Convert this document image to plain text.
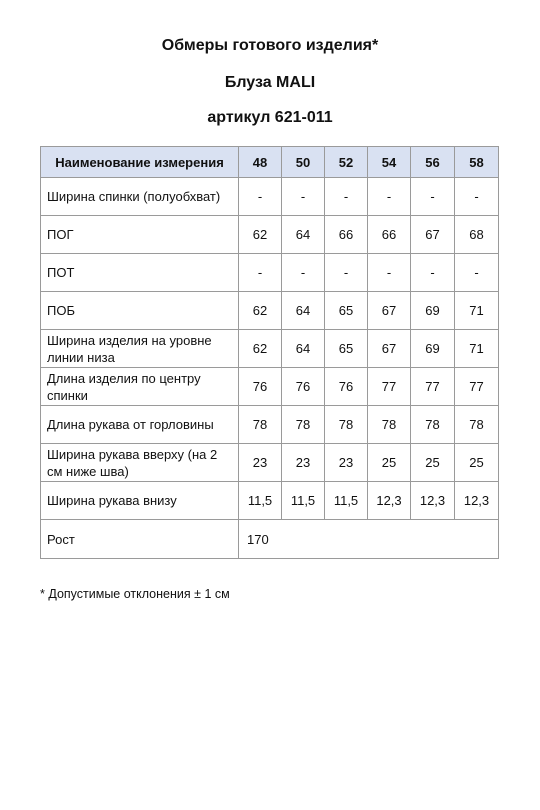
Обмеры готового изделия*
Блуза MALI
артикул 621-011
Наименование измерения	48	50	52	54	56	58
Ширина спинки (полуобхват)	-	-	-	-	-	-
ПОГ	62	64	66	66	67	68
ПОТ	-	-	-	-	-	-
ПОБ	62	64	65	67	69	71
Ширина изделия на уровне линии низа	62	64	65	67	69	71
Длина изделия по центру спинки	76	76	76	77	77	77
Длина рукава от горловины	78	78	78	78	78	78
Ширина рукава вверху (на 2 см ниже шва)	23	23	23	25	25	25
Ширина рукава внизу	11,5	11,5	11,5	12,3	12,3	12,3
Рост	170					
* Допустимые отклонения ± 1 см
